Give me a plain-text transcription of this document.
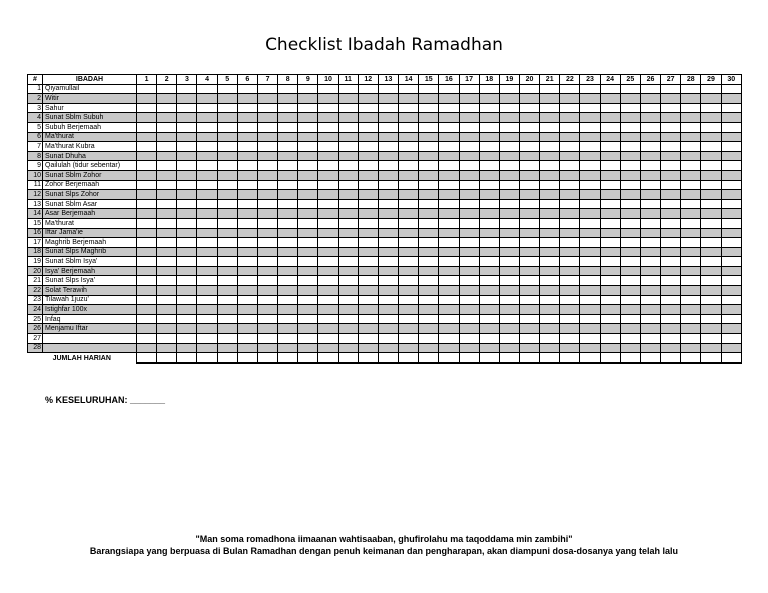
Checklist Ibadah Ramadhan
#	IBADAH	1	2	3	4	5	6	7	8	9	10	11	12	13	14	15	16	17	18	19	20	21	22	23	24	25	26	27	28	29	30
1	Qiyamullail																														
2	Witir																														
3	Sahur																														
4	Sunat Sblm Subuh																														
5	Subuh Berjemaah																														
6	Ma'thurat																														
7	Ma'thurat Kubra																														
8	Sunat Dhuha																														
9	Qailulah (tidur sebentar)																														
10	Sunat Sblm Zohor																														
11	Zohor Berjemaah																														
12	Sunat Slps Zohor																														
13	Sunat Sblm Asar																														
14	Asar Berjemaah																														
15	Ma'thurat																														
16	Iftar Jama'ie																														
17	Maghrib Berjemaah																														
18	Sunat Slps Maghrib																														
19	Sunat Sblm Isya'																														
20	Isya' Berjemaah																														
21	Sunat Slps Isya'																														
22	Solat Terawih																														
23	Tilawah 1juzu'																														
24	Istighfar 100x																														
25	Infaq																														
26	Menjamu Iftar																														
27																															
28																															
JUMLAH HARIAN																															
% KESELURUHAN: _______
"Man soma romadhona iimaanan wahtisaaban, ghufirolahu ma taqoddama min zambihi"
Barangsiapa yang berpuasa di Bulan Ramadhan dengan penuh keimanan dan pengharapan, akan diampuni dosa-dosanya yang telah lalu
